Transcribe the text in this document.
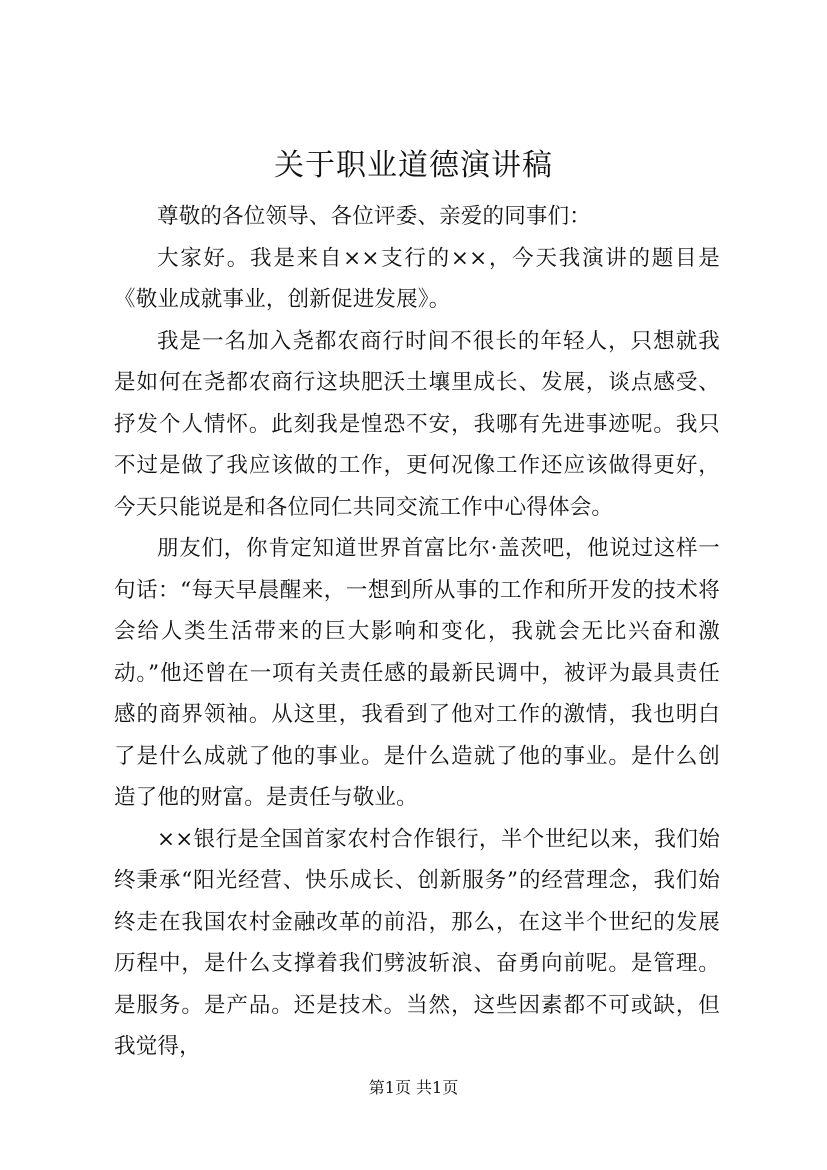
关于职业道德演讲稿

尊敬的各位领导、各位评委、亲爱的同事们：

大家好。我是来自××支行的××，今天我演讲的题目是《敬业成就事业，创新促进发展》。

我是一名加入尧都农商行时间不很长的年轻人，只想就我是如何在尧都农商行这块肥沃土壤里成长、发展，谈点感受、抒发个人情怀。此刻我是惶恐不安，我哪有先进事迹呢。我只不过是做了我应该做的工作，更何况像工作还应该做得更好，今天只能说是和各位同仁共同交流工作中心得体会。

朋友们，你肯定知道世界首富比尔·盖茨吧，他说过这样一句话：“每天早晨醒来，一想到所从事的工作和所开发的技术将会给人类生活带来的巨大影响和变化，我就会无比兴奋和激动。”他还曾在一项有关责任感的最新民调中，被评为最具责任感的商界领袖。从这里，我看到了他对工作的激情，我也明白了是什么成就了他的事业。是什么造就了他的事业。是什么创造了他的财富。是责任与敬业。

××银行是全国首家农村合作银行，半个世纪以来，我们始终秉承“阳光经营、快乐成长、创新服务”的经营理念，我们始终走在我国农村金融改革的前沿，那么，在这半个世纪的发展历程中，是什么支撑着我们劈波斩浪、奋勇向前呢。是管理。是服务。是产品。还是技术。当然，这些因素都不可或缺，但我觉得，

第1页 共1页
